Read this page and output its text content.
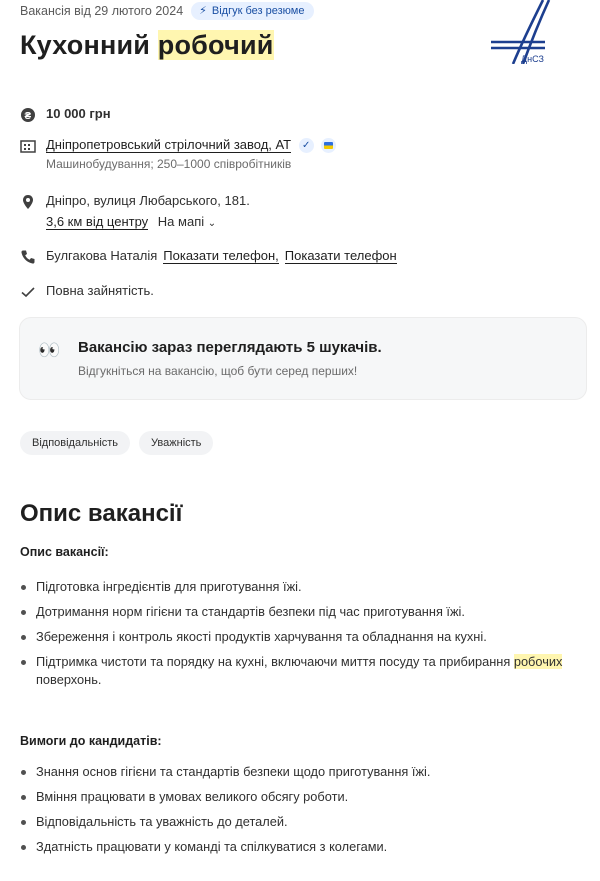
Вакансія від 29 лютого 2024 ⚡ Відгук без резюме
Кухонний робочий	ДнСЗ
₴ 10 000 грн
Дніпропетровський стрілочний завод, АТ ✓
Машинобудування; 250–1000 співробітників
Дніпро, вулиця Любарського, 181.
3,6 км від центру На мапі ⌄
Булгакова Наталія Показати телефон, Показати телефон
Повна зайнятість.
👀 Вакансію зараз переглядають 5 шукачів.
Відгукніться на вакансію, щоб бути серед перших!
Відповідальність	Уважність
Опис вакансії
Опис вакансії:
Підготовка інгредієнтів для приготування їжі.
Дотримання норм гігієни та стандартів безпеки під час приготування їжі.
Збереження і контроль якості продуктів харчування та обладнання на кухні.
Підтримка чистоти та порядку на кухні, включаючи миття посуду та прибирання робочих поверхонь.
Вимоги до кандидатів:
Знання основ гігієни та стандартів безпеки щодо приготування їжі.
Вміння працювати в умовах великого обсягу роботи.
Відповідальність та уважність до деталей.
Здатність працювати у команді та спілкуватися з колегами.
